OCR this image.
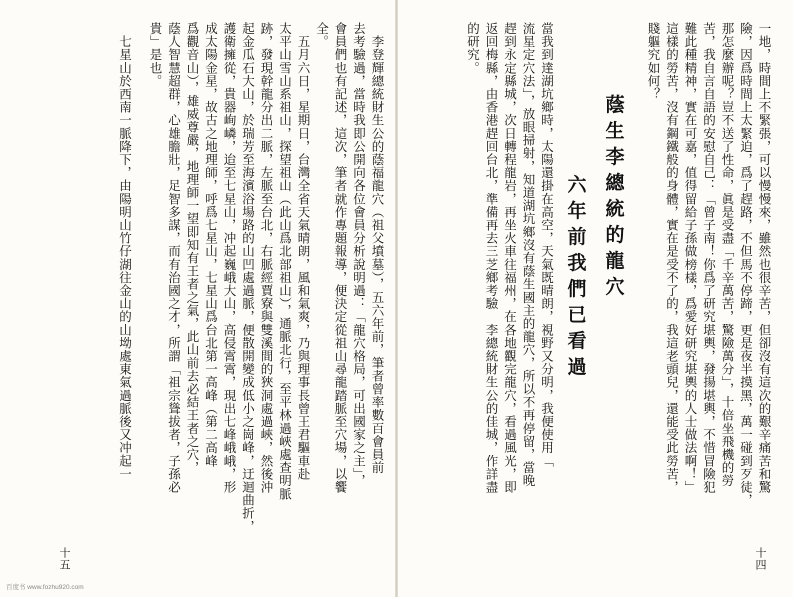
一地，時間上不緊張，可以慢慢來，雖然也很辛苦，但卻沒有這次的艱辛痛苦和驚
險，因爲時間上太緊迫，爲了趕路，不但馬不停蹄，更是夜半摸黑，萬一碰到歹徒，
那怎麼辦呢？豈不送了性命，眞是受盡「千辛萬苦，驚險萬分」，十倍坐飛機的勞
苦，我自言自語的安慰自己：「曾子南！你爲了研究堪輿，發揚堪輿，不惜冒險犯
難此種精神，實在可嘉，值得留給子孫做榜樣，爲愛好研究堪輿的人士做法啊！」
這樣的勞苦，沒有鋼鐵般的身體，實在是受不了的，我這老頭兒，還能受此勞苦，
賤軀究如何？
蔭生李總統的龍穴
六年前我們已看過
當我到達湖坑鄉時，太陽還掛在高空，天氣既晴朗，視野又分明，我便使用「
流星定穴法」，放眼掃射，知道湖坑鄉沒有蔭生國主的龍穴，所以不再停留，當晚
趕到永定縣城，次日轉程龍岩，再坐火車往福州，在各地觀完龍穴，看過風光，即
返回梅縣，由香港趕回台北，準備再去三芝鄉考驗　李總統財生公的佳城，作詳盡
的研究。
十四
　李登輝總統財生公的蔭福龍穴（祖父墳墓），五六年前，筆者曾率數百會員前
去考驗過，當時我即公開向各位會員分析說明過：「龍穴格局，可出國家之主」，
會員們也有記述，這次，筆者就作專題報導，便決定從祖山尋龍踏脈至穴場，以饗
全。
　五月六日，星期日，台灣全省天氣晴朗，風和氣爽，乃與理事長曾王君驅車赴
太平山雪山系祖山，探望祖山（此山爲北部祖山），通脈北行，至平林過峽處查明脈
跡，發現幹龍分出二脈，左脈至台北，右脈經賈寮與雙溪間的狹洞處過峽，然後沖
起金瓜石大山，於瑞芳至海濱浴場路的山凹處過脈，便散開變成低小之崗峰，迂迴曲折，
護衛擁從，貴器峋嶙，迨至七星山，冲起巍峨大山，高侵霄霄，現出七峰峨峨，形
成太陽金星，故古之地理師，呼爲七星山，七星山爲台北第一高峰（第二高峰
爲觀音山），雄威尊嚴，地理師一望即知有王者之氣，此山前去必結王者之穴，
蔭人智慧超群，心雄膽壯，足智多謀，而有治國之才，所謂「祖宗聳拔者，子孫必
貴」是也。
　七星山於西南一脈降下，由陽明山竹仔湖往金山的山坳處東氣過脈後又冲起一
十五
百度书 www.fozhu920.com
